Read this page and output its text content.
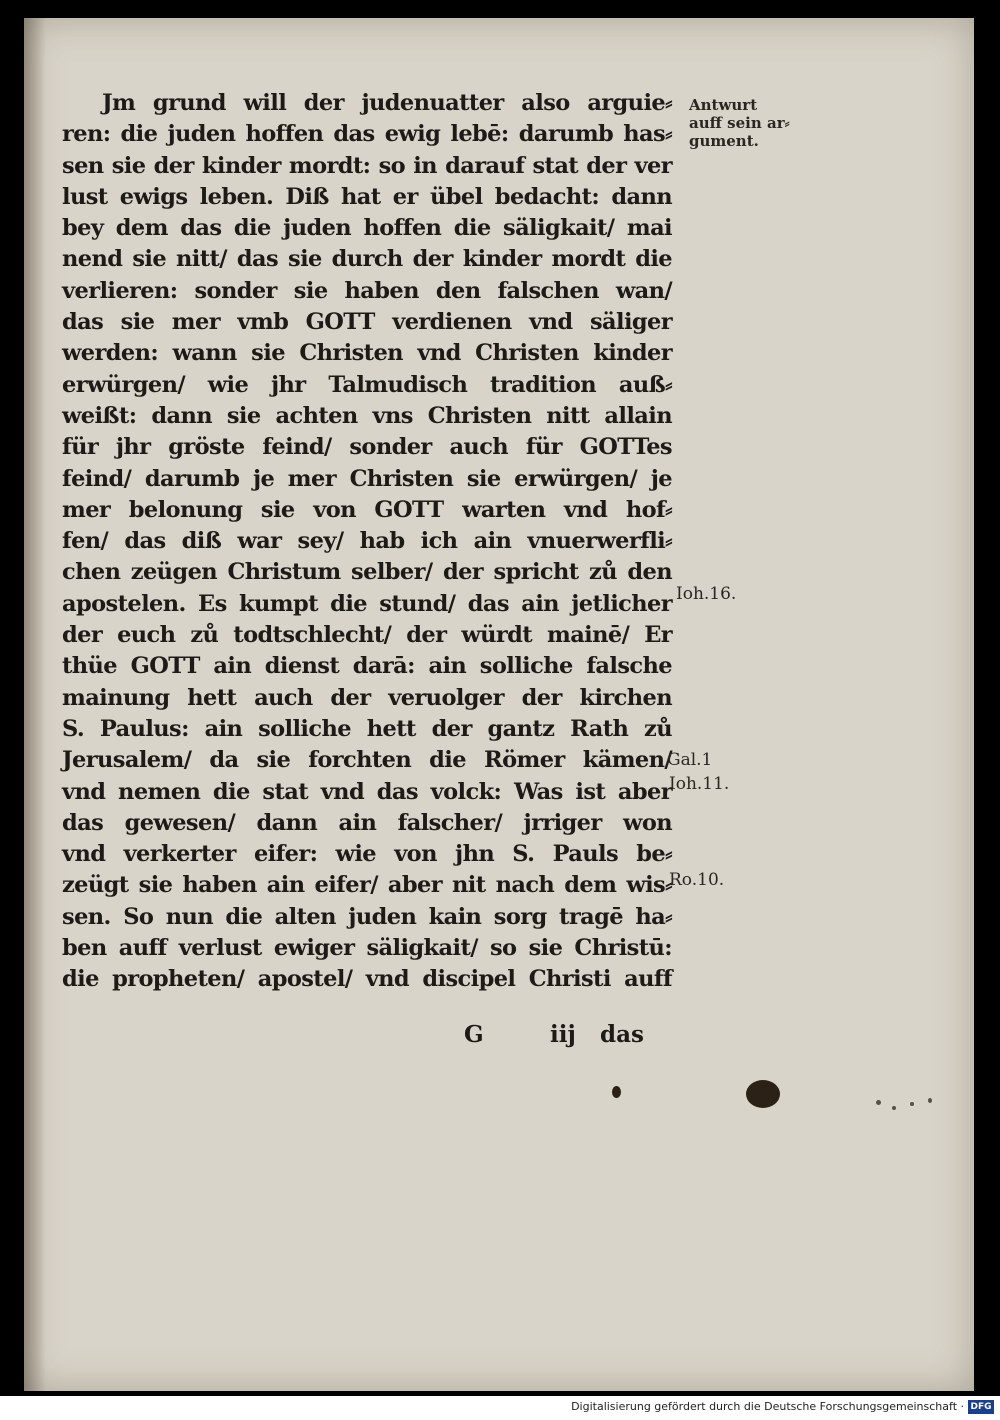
Jm grund will der judenuatter also arguie⸗
ren: die juden hoffen das ewig lebē: darumb has⸗
sen sie der kinder mordt: so in darauf stat der ver
lust ewigs leben. Diß hat er übel bedacht: dann
bey dem das die juden hoffen die säligkait/ mai
nend sie nitt/ das sie durch der kinder mordt die
verlieren: sonder sie haben den falschen wan/
das sie mer vmb GOTT verdienen vnd säliger
werden: wann sie Christen vnd Christen kinder
erwürgen/ wie jhr Talmudisch tradition auß⸗
weißt: dann sie achten vns Christen nitt allain
für jhr gröste feind/ sonder auch für GOTTes
feind/ darumb je mer Christen sie erwürgen/ je
mer belonung sie von GOTT warten vnd hof⸗
fen/ das diß war sey/ hab ich ain vnuerwerfli⸗
chen zeügen Christum selber/ der spricht zů den
apostelen. Es kumpt die stund/ das ain jetlicher
der euch zů todtschlecht/ der würdt mainē/ Er
thüe GOTT ain dienst darā: ain solliche falsche
mainung hett auch der veruolger der kirchen
S. Paulus: ain solliche hett der gantz Rath zů
Jerusalem/ da sie forchten die Römer kämen/
vnd nemen die stat vnd das volck: Was ist aber
das gewesen/ dann ain falscher/ jrriger won
vnd verkerter eifer: wie von jhn S. Pauls be⸗
zeügt sie haben ain eifer/ aber nit nach dem wis⸗
sen. So nun die alten juden kain sorg tragē ha⸗
ben auff verlust ewiger säligkait/ so sie Christū:
die propheten/ apostel/ vnd discipel Christi auff
G	iij das
Antwurt
auff sein ar⸗
gument.
Ioh.16.
Gal.1
Ioh.11.
Ro.10.
Digitalisierung gefördert durch die Deutsche Forschungsgemeinschaft · DFG
